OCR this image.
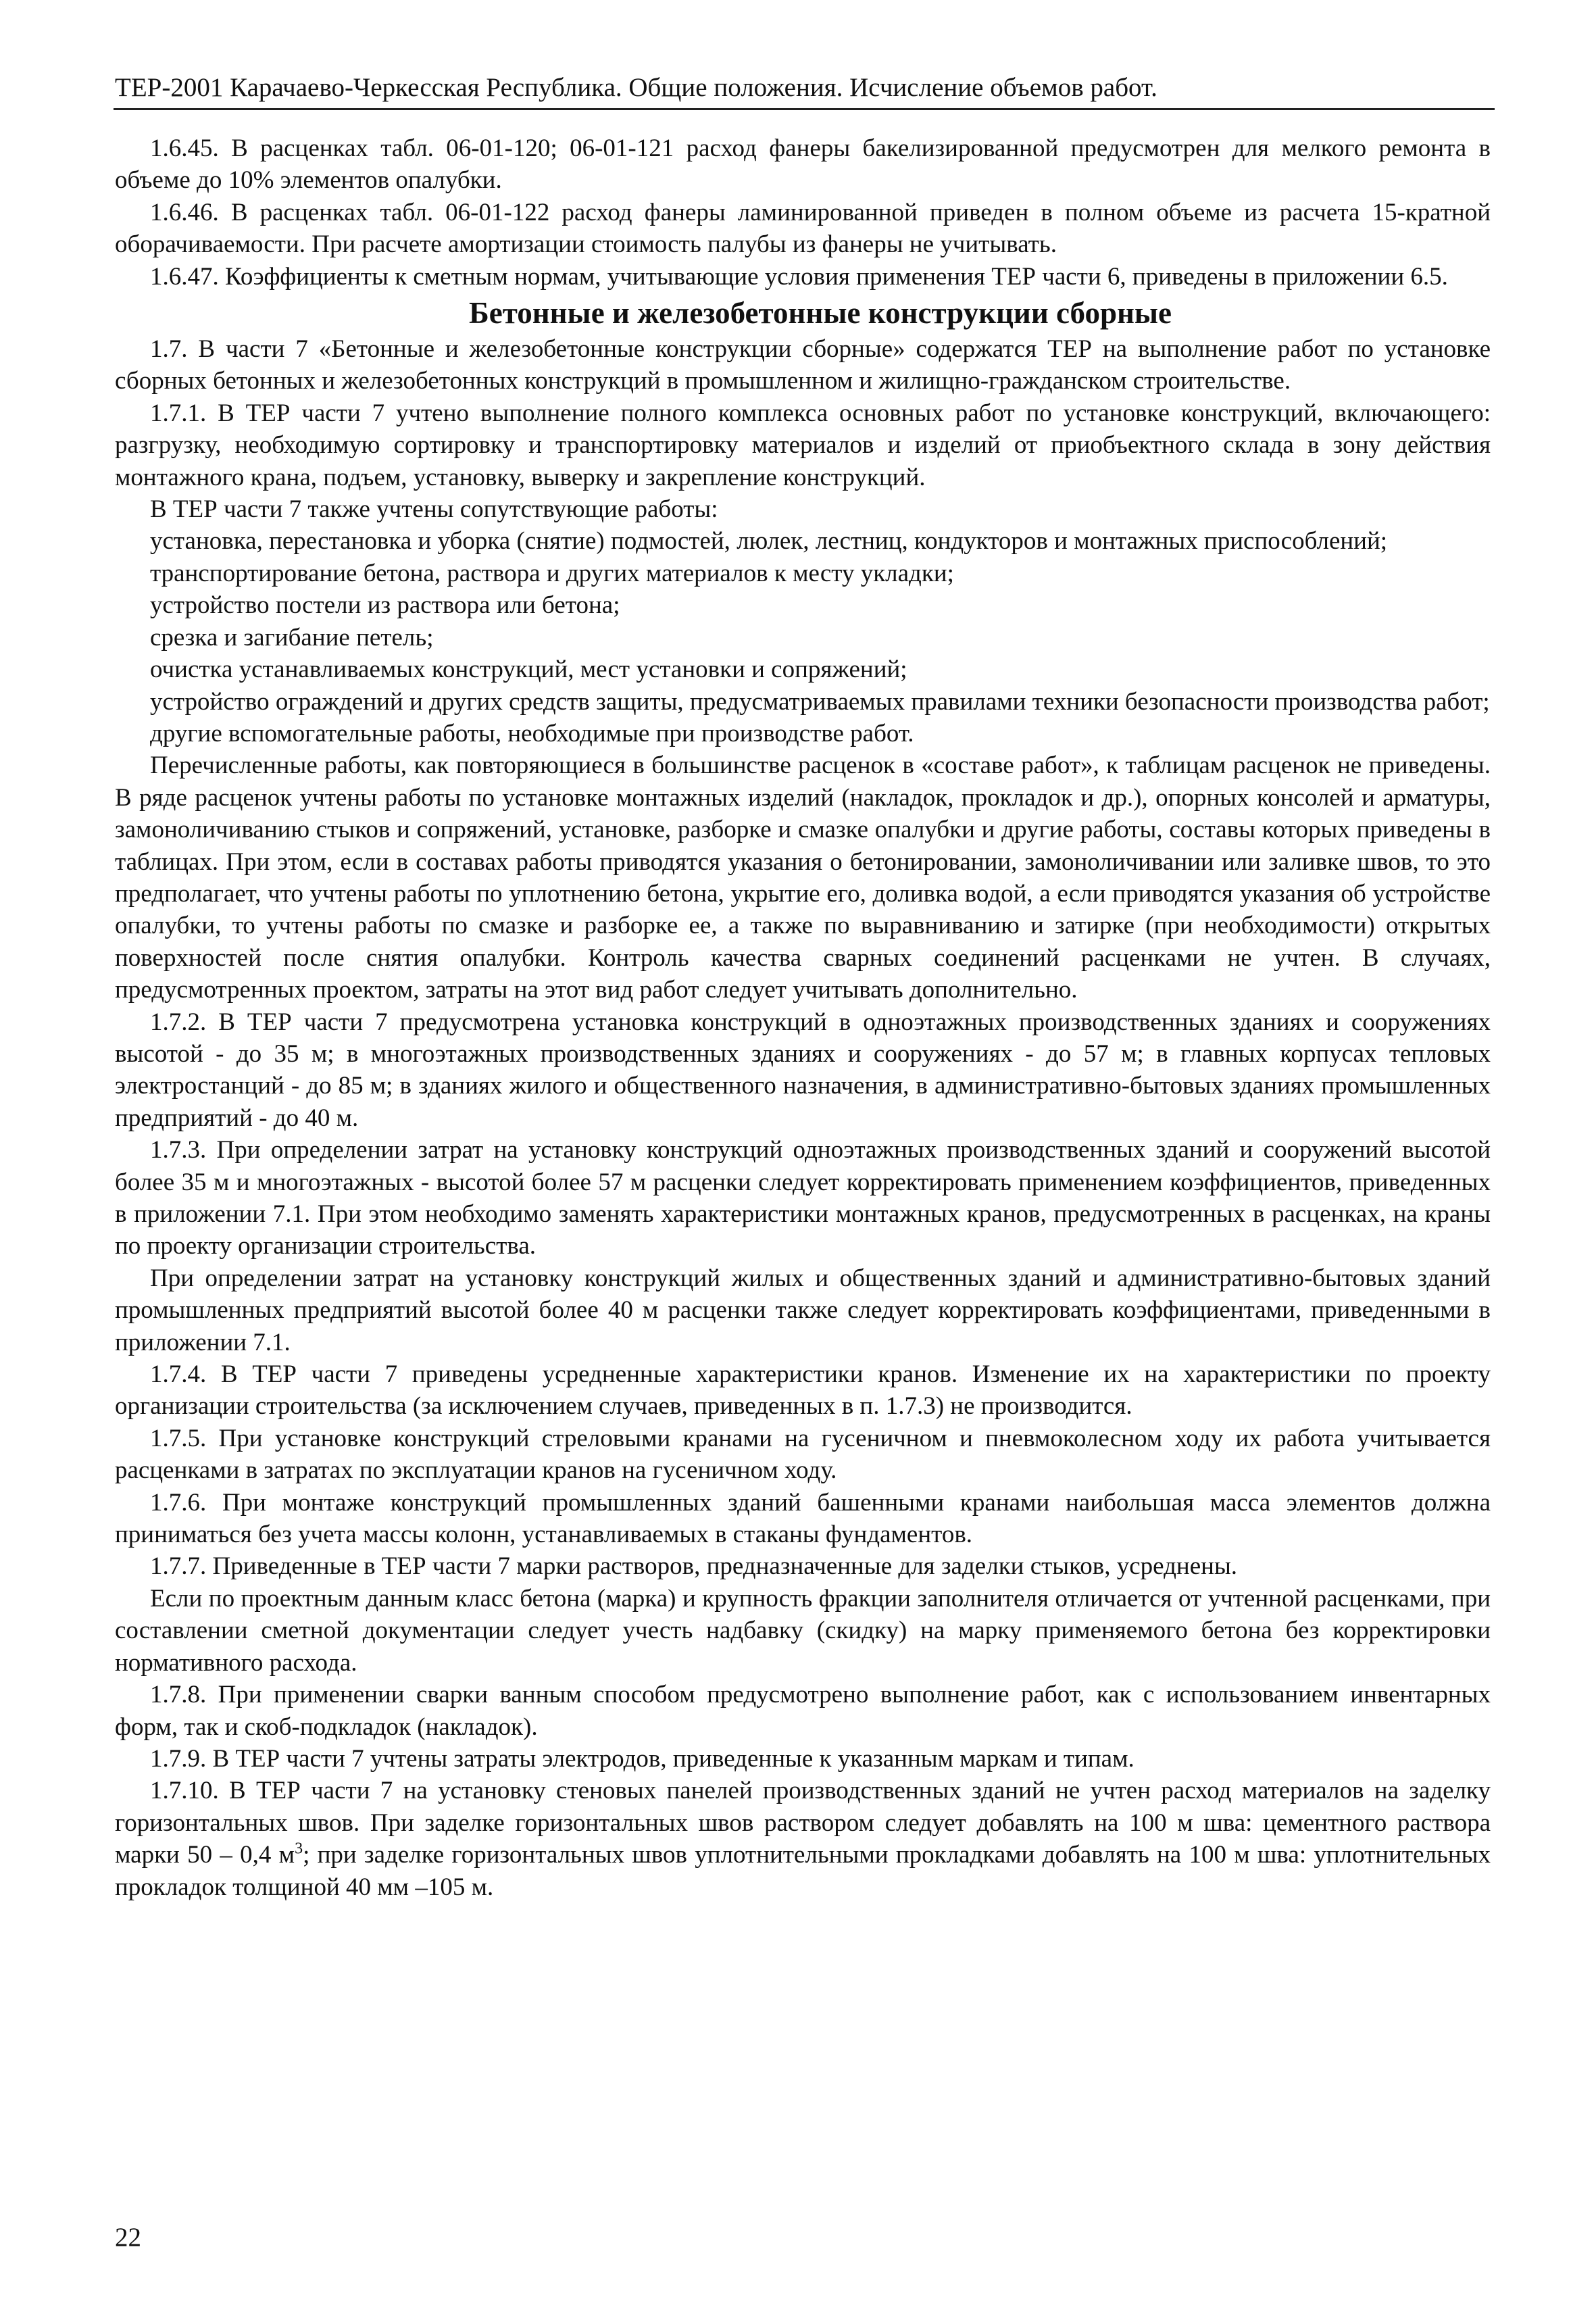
ТЕР-2001 Карачаево-Черкесская Республика. Общие положения. Исчисление объемов работ.

1.6.45. В расценках табл. 06-01-120; 06-01-121 расход фанеры бакелизированной предусмотрен для мелкого ремонта в объеме до 10% элементов опалубки.

1.6.46. В расценках табл. 06-01-122 расход фанеры ламинированной приведен в полном объеме из расчета 15-кратной оборачиваемости. При расчете амортизации стоимость палубы из фанеры не учитывать.

1.6.47. Коэффициенты к сметным нормам, учитывающие условия применения ТЕР части 6, приведены в приложении 6.5.

Бетонные и железобетонные конструкции сборные

1.7. В части 7 «Бетонные и железобетонные конструкции сборные» содержатся ТЕР на выполнение работ по установке сборных бетонных и железобетонных конструкций в промышленном и жилищно-гражданском строительстве.

1.7.1. В ТЕР части 7 учтено выполнение полного комплекса основных работ по установке конструкций, включающего: разгрузку, необходимую сортировку и транспортировку материалов и изделий от приобъектного склада в зону действия монтажного крана, подъем, установку, выверку и закрепление конструкций.

В ТЕР части 7 также учтены сопутствующие работы:

установка, перестановка и уборка (снятие) подмостей, люлек, лестниц, кондукторов и монтажных приспособлений;

транспортирование бетона, раствора и других материалов к месту укладки;

устройство постели из раствора или бетона;

срезка и загибание петель;

очистка устанавливаемых конструкций, мест установки и сопряжений;

устройство ограждений и других средств защиты, предусматриваемых правилами техники безопасности производства работ;

другие вспомогательные работы, необходимые при производстве работ.

Перечисленные работы, как повторяющиеся в большинстве расценок в «составе работ», к таблицам расценок не приведены. В ряде расценок учтены работы по установке монтажных изделий (накладок, прокладок и др.), опорных консолей и арматуры, замоноличиванию стыков и сопряжений, установке, разборке и смазке опалубки и другие работы, составы которых приведены в таблицах. При этом, если в составах работы приводятся указания о бетонировании, замоноличивании или заливке швов, то это предполагает, что учтены работы по уплотнению бетона, укрытие его, доливка водой, а если приводятся указания об устройстве опалубки, то учтены работы по смазке и разборке ее, а также по выравниванию и затирке (при необходимости) открытых поверхностей после снятия опалубки. Контроль качества сварных соединений расценками не учтен. В случаях, предусмотренных проектом, затраты на этот вид работ следует учитывать дополнительно.

1.7.2. В ТЕР части 7 предусмотрена установка конструкций в одноэтажных производственных зданиях и сооружениях высотой - до 35 м; в многоэтажных производственных зданиях и сооружениях - до 57 м; в главных корпусах тепловых электростанций - до 85 м; в зданиях жилого и общественного назначения, в административно-бытовых зданиях промышленных предприятий - до 40 м.

1.7.3. При определении затрат на установку конструкций одноэтажных производственных зданий и сооружений высотой более 35 м и многоэтажных - высотой более 57 м расценки следует корректировать применением коэффициентов, приведенных в приложении 7.1. При этом необходимо заменять характеристики монтажных кранов, предусмотренных в расценках, на краны по проекту организации строительства.

При определении затрат на установку конструкций жилых и общественных зданий и административно-бытовых зданий промышленных предприятий высотой более 40 м расценки также следует корректировать коэффициентами, приведенными в приложении 7.1.

1.7.4. В ТЕР части 7 приведены усредненные характеристики кранов. Изменение их на характеристики по проекту организации строительства (за исключением случаев, приведенных в п. 1.7.3) не производится.

1.7.5. При установке конструкций стреловыми кранами на гусеничном и пневмоколесном ходу их работа учитывается расценками в затратах по эксплуатации кранов на гусеничном ходу.

1.7.6. При монтаже конструкций промышленных зданий башенными кранами наибольшая масса элементов должна приниматься без учета массы колонн, устанавливаемых в стаканы фундаментов.

1.7.7. Приведенные в ТЕР части 7 марки растворов, предназначенные для заделки стыков, усреднены.

Если по проектным данным класс бетона (марка) и крупность фракции заполнителя отличается от учтенной расценками, при составлении сметной документации следует учесть надбавку (скидку) на марку применяемого бетона без корректировки нормативного расхода.

1.7.8. При применении сварки ванным способом предусмотрено выполнение работ, как с использованием инвентарных форм, так и скоб-подкладок (накладок).

1.7.9. В ТЕР части 7 учтены затраты электродов, приведенные к указанным маркам и типам.

1.7.10. В ТЕР части 7 на установку стеновых панелей производственных зданий не учтен расход материалов на заделку горизонтальных швов. При заделке горизонтальных швов раствором следует добавлять на 100 м шва: цементного раствора марки 50 – 0,4 $м^3$; при заделке горизонтальных швов уплотнительными прокладками добавлять на 100 м шва: уплотнительных прокладок толщиной 40 мм –105 м.

22
